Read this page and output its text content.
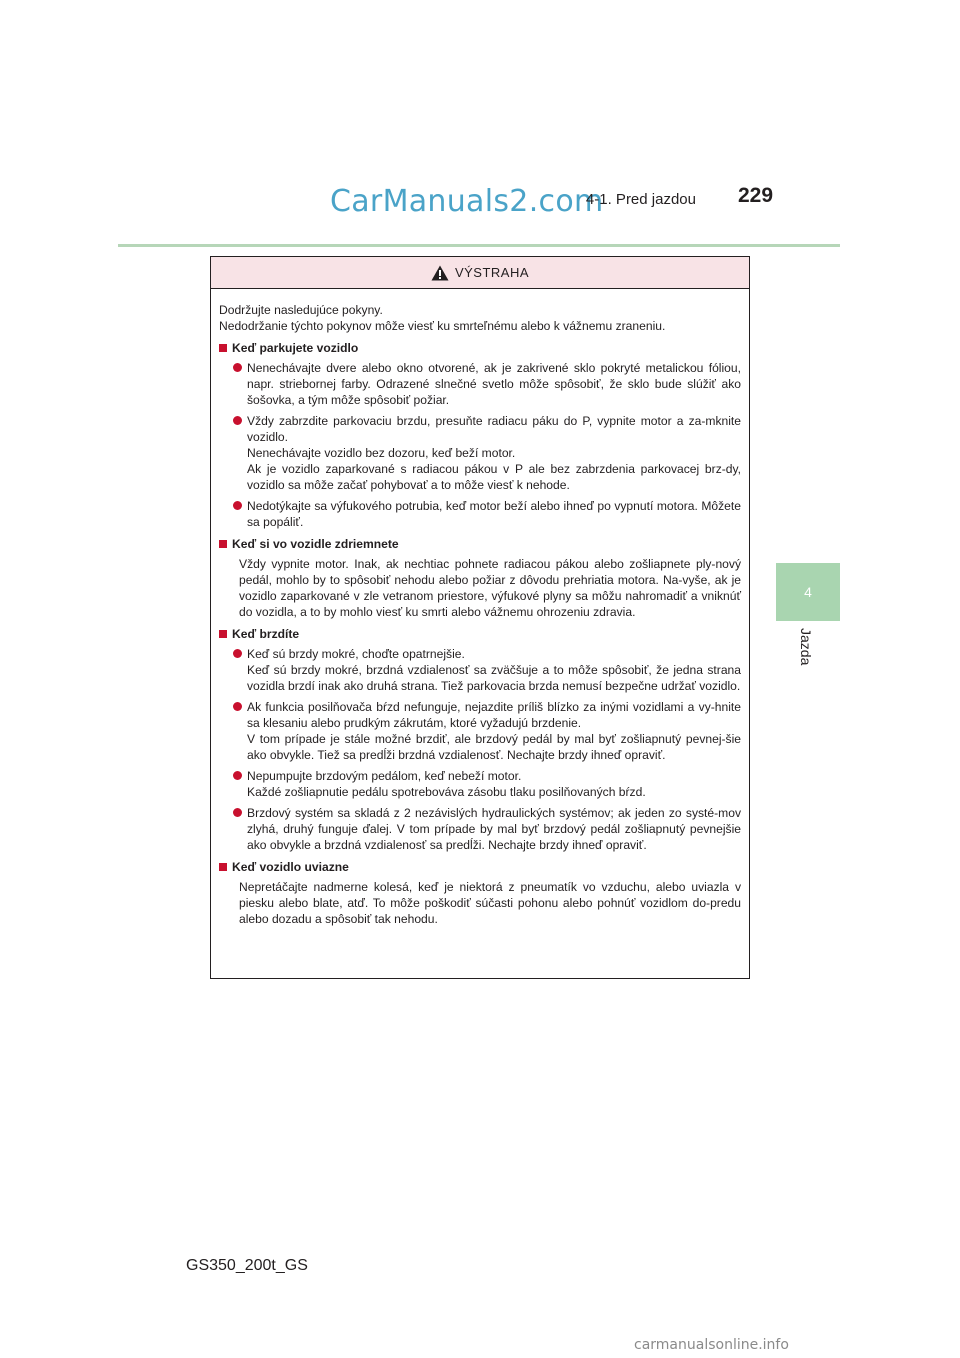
CarManuals2.com
4-1. Pred jazdou 229
4
Jazda
VÝSTRAHA

Dodržujte nasledujúce pokyny.

Nedodržanie týchto pokynov môže viesť ku smrteľnému alebo k vážnemu zraneniu.

Keď parkujete vozidlo

Nenechávajte dvere alebo okno otvorené, ak je zakrivené sklo pokryté metalickou fóliou, napr. striebornej farby. Odrazené slnečné svetlo môže spôsobiť, že sklo bude slúžiť ako šošovka, a tým môže spôsobiť požiar.

Vždy zabrzdite parkovaciu brzdu, presuňte radiacu páku do P, vypnite motor a za-mknite vozidlo.

Nenechávajte vozidlo bez dozoru, keď beží motor.

Ak je vozidlo zaparkované s radiacou pákou v P ale bez zabrzdenia parkovacej brz-dy, vozidlo sa môže začať pohybovať a to môže viesť k nehode.

Nedotýkajte sa výfukového potrubia, keď motor beží alebo ihneď po vypnutí motora. Môžete sa popáliť.

Keď si vo vozidle zdriemnete
Vždy vypnite motor. Inak, ak nechtiac pohnete radiacou pákou alebo zošliapnete ply-nový pedál, mohlo by to spôsobiť nehodu alebo požiar z dôvodu prehriatia motora. Na-vyše, ak je vozidlo zaparkované v zle vetranom priestore, výfukové plyny sa môžu nahromadiť a vniknúť do vozidla, a to by mohlo viesť ku smrti alebo vážnemu ohrozeniu zdravia.
Keď brzdíte

Keď sú brzdy mokré, choďte opatrnejšie.

Keď sú brzdy mokré, brzdná vzdialenosť sa zväčšuje a to môže spôsobiť, že jedna strana vozidla brzdí inak ako druhá strana. Tiež parkovacia brzda nemusí bezpečne udržať vozidlo.

Ak funkcia posilňovača bŕzd nefunguje, nejazdite príliš blízko za inými vozidlami a vy-hnite sa klesaniu alebo prudkým zákrutám, ktoré vyžadujú brzdenie.

V tom prípade je stále možné brzdiť, ale brzdový pedál by mal byť zošliapnutý pevnej-šie ako obvykle. Tiež sa predĺži brzdná vzdialenosť. Nechajte brzdy ihneď opraviť.

Nepumpujte brzdovým pedálom, keď nebeží motor.

Každé zošliapnutie pedálu spotrebováva zásobu tlaku posilňovaných bŕzd.

Brzdový systém sa skladá z 2 nezávislých hydraulických systémov; ak jeden zo systé-mov zlyhá, druhý funguje ďalej. V tom prípade by mal byť brzdový pedál zošliapnutý pevnejšie ako obvykle a brzdná vzdialenosť sa predĺži. Nechajte brzdy ihneď opraviť.

Keď vozidlo uviazne
Nepretáčajte nadmerne kolesá, keď je niektorá z pneumatík vo vzduchu, alebo uviazla v piesku alebo blate, atď. To môže poškodiť súčasti pohonu alebo pohnúť vozidlom do-predu alebo dozadu a spôsobiť tak nehodu.
GS350_200t_GS
carmanualsonline.info
